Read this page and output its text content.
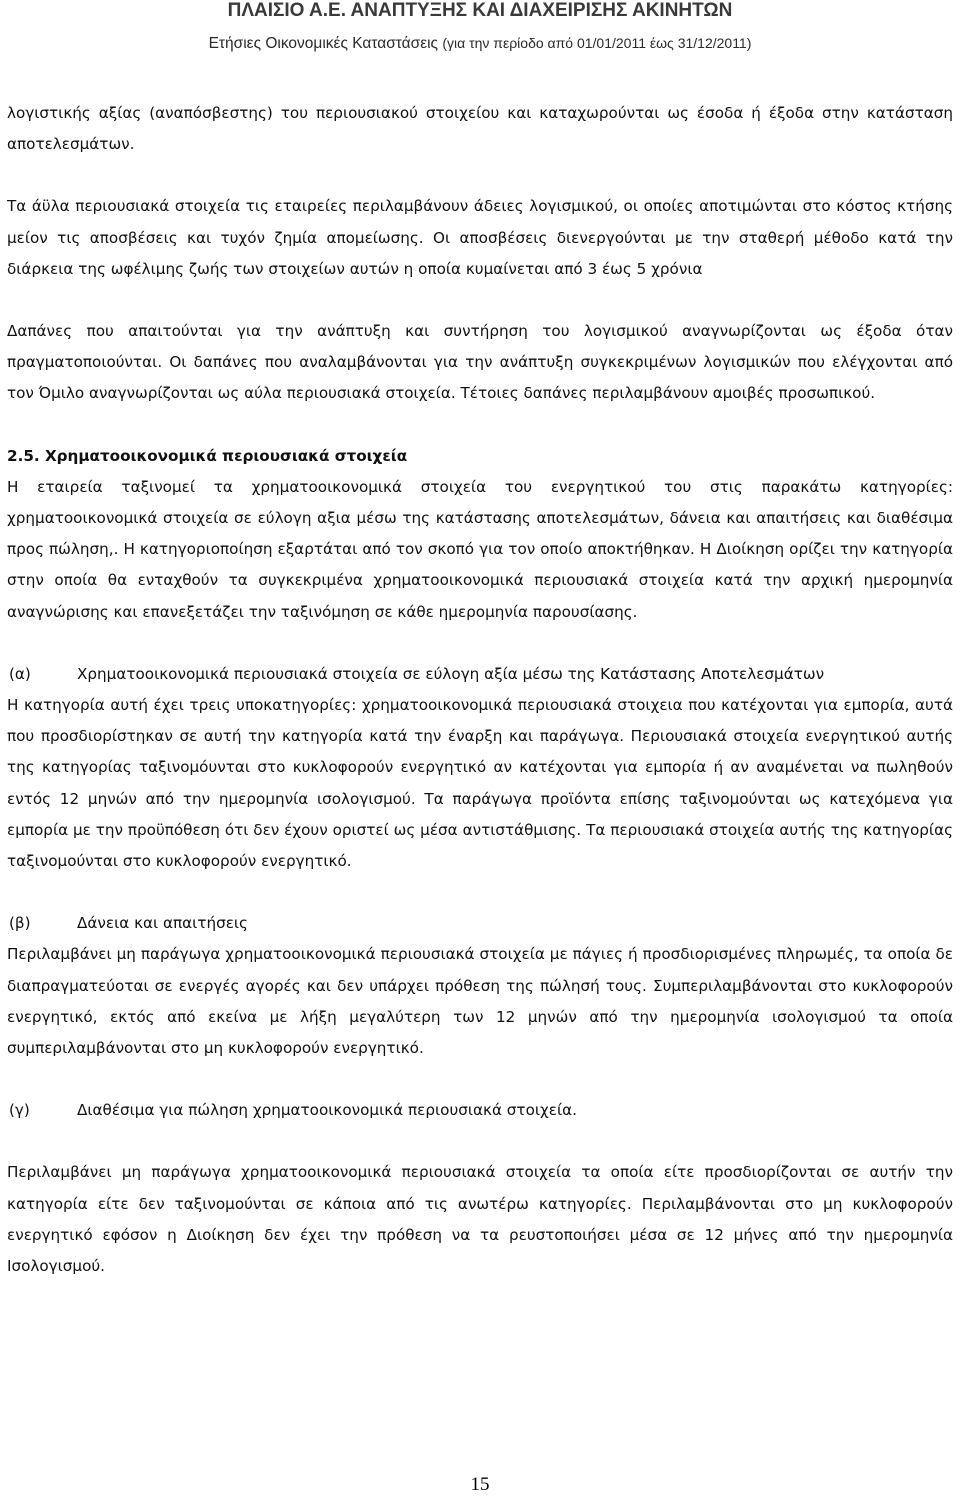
ΠΛΑΙΣΙΟ Α.Ε. ΑΝΑΠΤΥΞΗΣ ΚΑΙ ΔΙΑΧΕΙΡΙΣΗΣ ΑΚΙΝΗΤΩΝ
Ετήσιες Οικονομικές Καταστάσεις (για την περίοδο από 01/01/2011 έως 31/12/2011)

λογιστικής αξίας (αναπόσβεστης) του περιουσιακού στοιχείου και καταχωρούνται ως έσοδα ή έξοδα στην κατάσταση αποτελεσμάτων.

Τα άϋλα περιουσιακά στοιχεία τις εταιρείες περιλαμβάνουν άδειες λογισμικού, οι οποίες αποτιμώνται στο κόστος κτήσης μείον τις αποσβέσεις και τυχόν ζημία απομείωσης. Οι αποσβέσεις διενεργούνται με την σταθερή μέθοδο κατά την διάρκεια της ωφέλιμης ζωής των στοιχείων αυτών η οποία κυμαίνεται από 3 έως 5 χρόνια

Δαπάνες που απαιτούνται για την ανάπτυξη και συντήρηση του λογισμικού αναγνωρίζονται ως έξοδα όταν πραγματοποιούνται. Οι δαπάνες που αναλαμβάνονται για την ανάπτυξη συγκεκριμένων λογισμικών που ελέγχονται από τον Όμιλο αναγνωρίζονται ως αύλα περιουσιακά στοιχεία. Τέτοιες δαπάνες περιλαμβάνουν αμοιβές προσωπικού.

2.5. Χρηματοοικονομικά περιουσιακά στοιχεία

Η εταιρεία ταξινομεί τα χρηματοοικονομικά στοιχεία του ενεργητικού του στις παρακάτω κατηγορίες: χρηματοοικονομικά στοιχεία σε εύλογη αξια μέσω της κατάστασης αποτελεσμάτων, δάνεια και απαιτήσεις και διαθέσιμα προς πώληση,. Η κατηγοριοποίηση εξαρτάται από τον σκοπό για τον οποίο αποκτήθηκαν. Η Διοίκηση ορίζει την κατηγορία στην οποία θα ενταχθούν τα συγκεκριμένα χρηματοοικονομικά περιουσιακά στοιχεία κατά την αρχική ημερομηνία αναγνώρισης και επανεξετάζει την ταξινόμηση σε κάθε ημερομηνία παρουσίασης.

(α)	Χρηματοοικονομικά περιουσιακά στοιχεία σε εύλογη αξία μέσω της Κατάστασης Αποτελεσμάτων

Η κατηγορία αυτή έχει τρεις υποκατηγορίες: χρηματοοικονομικά περιουσιακά στοιχεια που κατέχονται για εμπορία, αυτά που προσδιορίστηκαν σε αυτή την κατηγορία κατά την έναρξη και παράγωγα. Περιουσιακά στοιχεία ενεργητικού αυτής της κατηγορίας ταξινομόυνται στο κυκλοφορούν ενεργητικό αν κατέχονται για εμπορία ή αν αναμένεται να πωληθούν εντός 12 μηνών από την ημερομηνία ισολογισμού. Τα παράγωγα προϊόντα επίσης ταξινομούνται ως κατεχόμενα για εμπορία με την προϋπόθεση ότι δεν έχουν οριστεί ως μέσα αντιστάθμισης. Τα περιουσιακά στοιχεία αυτής της κατηγορίας ταξινομούνται στο κυκλοφορούν ενεργητικό.

(β)	Δάνεια και απαιτήσεις

Περιλαμβάνει μη παράγωγα χρηματοοικονομικά περιουσιακά στοιχεία με πάγιες ή προσδιορισμένες πληρωμές, τα οποία δε διαπραγματεύοται σε ενεργές αγορές και δεν υπάρχει πρόθεση της πώλησή τους. Συμπεριλαμβάνονται στο κυκλοφορούν ενεργητικό, εκτός από εκείνα με λήξη μεγαλύτερη των 12 μηνών από την ημερομηνία ισολογισμού τα οποία συμπεριλαμβάνονται στο μη κυκλοφορούν ενεργητικό.

(γ)	Διαθέσιμα για πώληση χρηματοοικονομικά περιουσιακά στοιχεία.

Περιλαμβάνει μη παράγωγα χρηματοοικονομικά περιουσιακά στοιχεία τα οποία είτε προσδιορίζονται σε αυτήν την κατηγορία είτε δεν ταξινομούνται σε κάποια από τις ανωτέρω κατηγορίες. Περιλαμβάνονται στο μη κυκλοφορούν ενεργητικό εφόσον η Διοίκηση δεν έχει την πρόθεση να τα ρευστοποιήσει μέσα σε 12 μήνες από την ημερομηνία Ισολογισμού.

15
